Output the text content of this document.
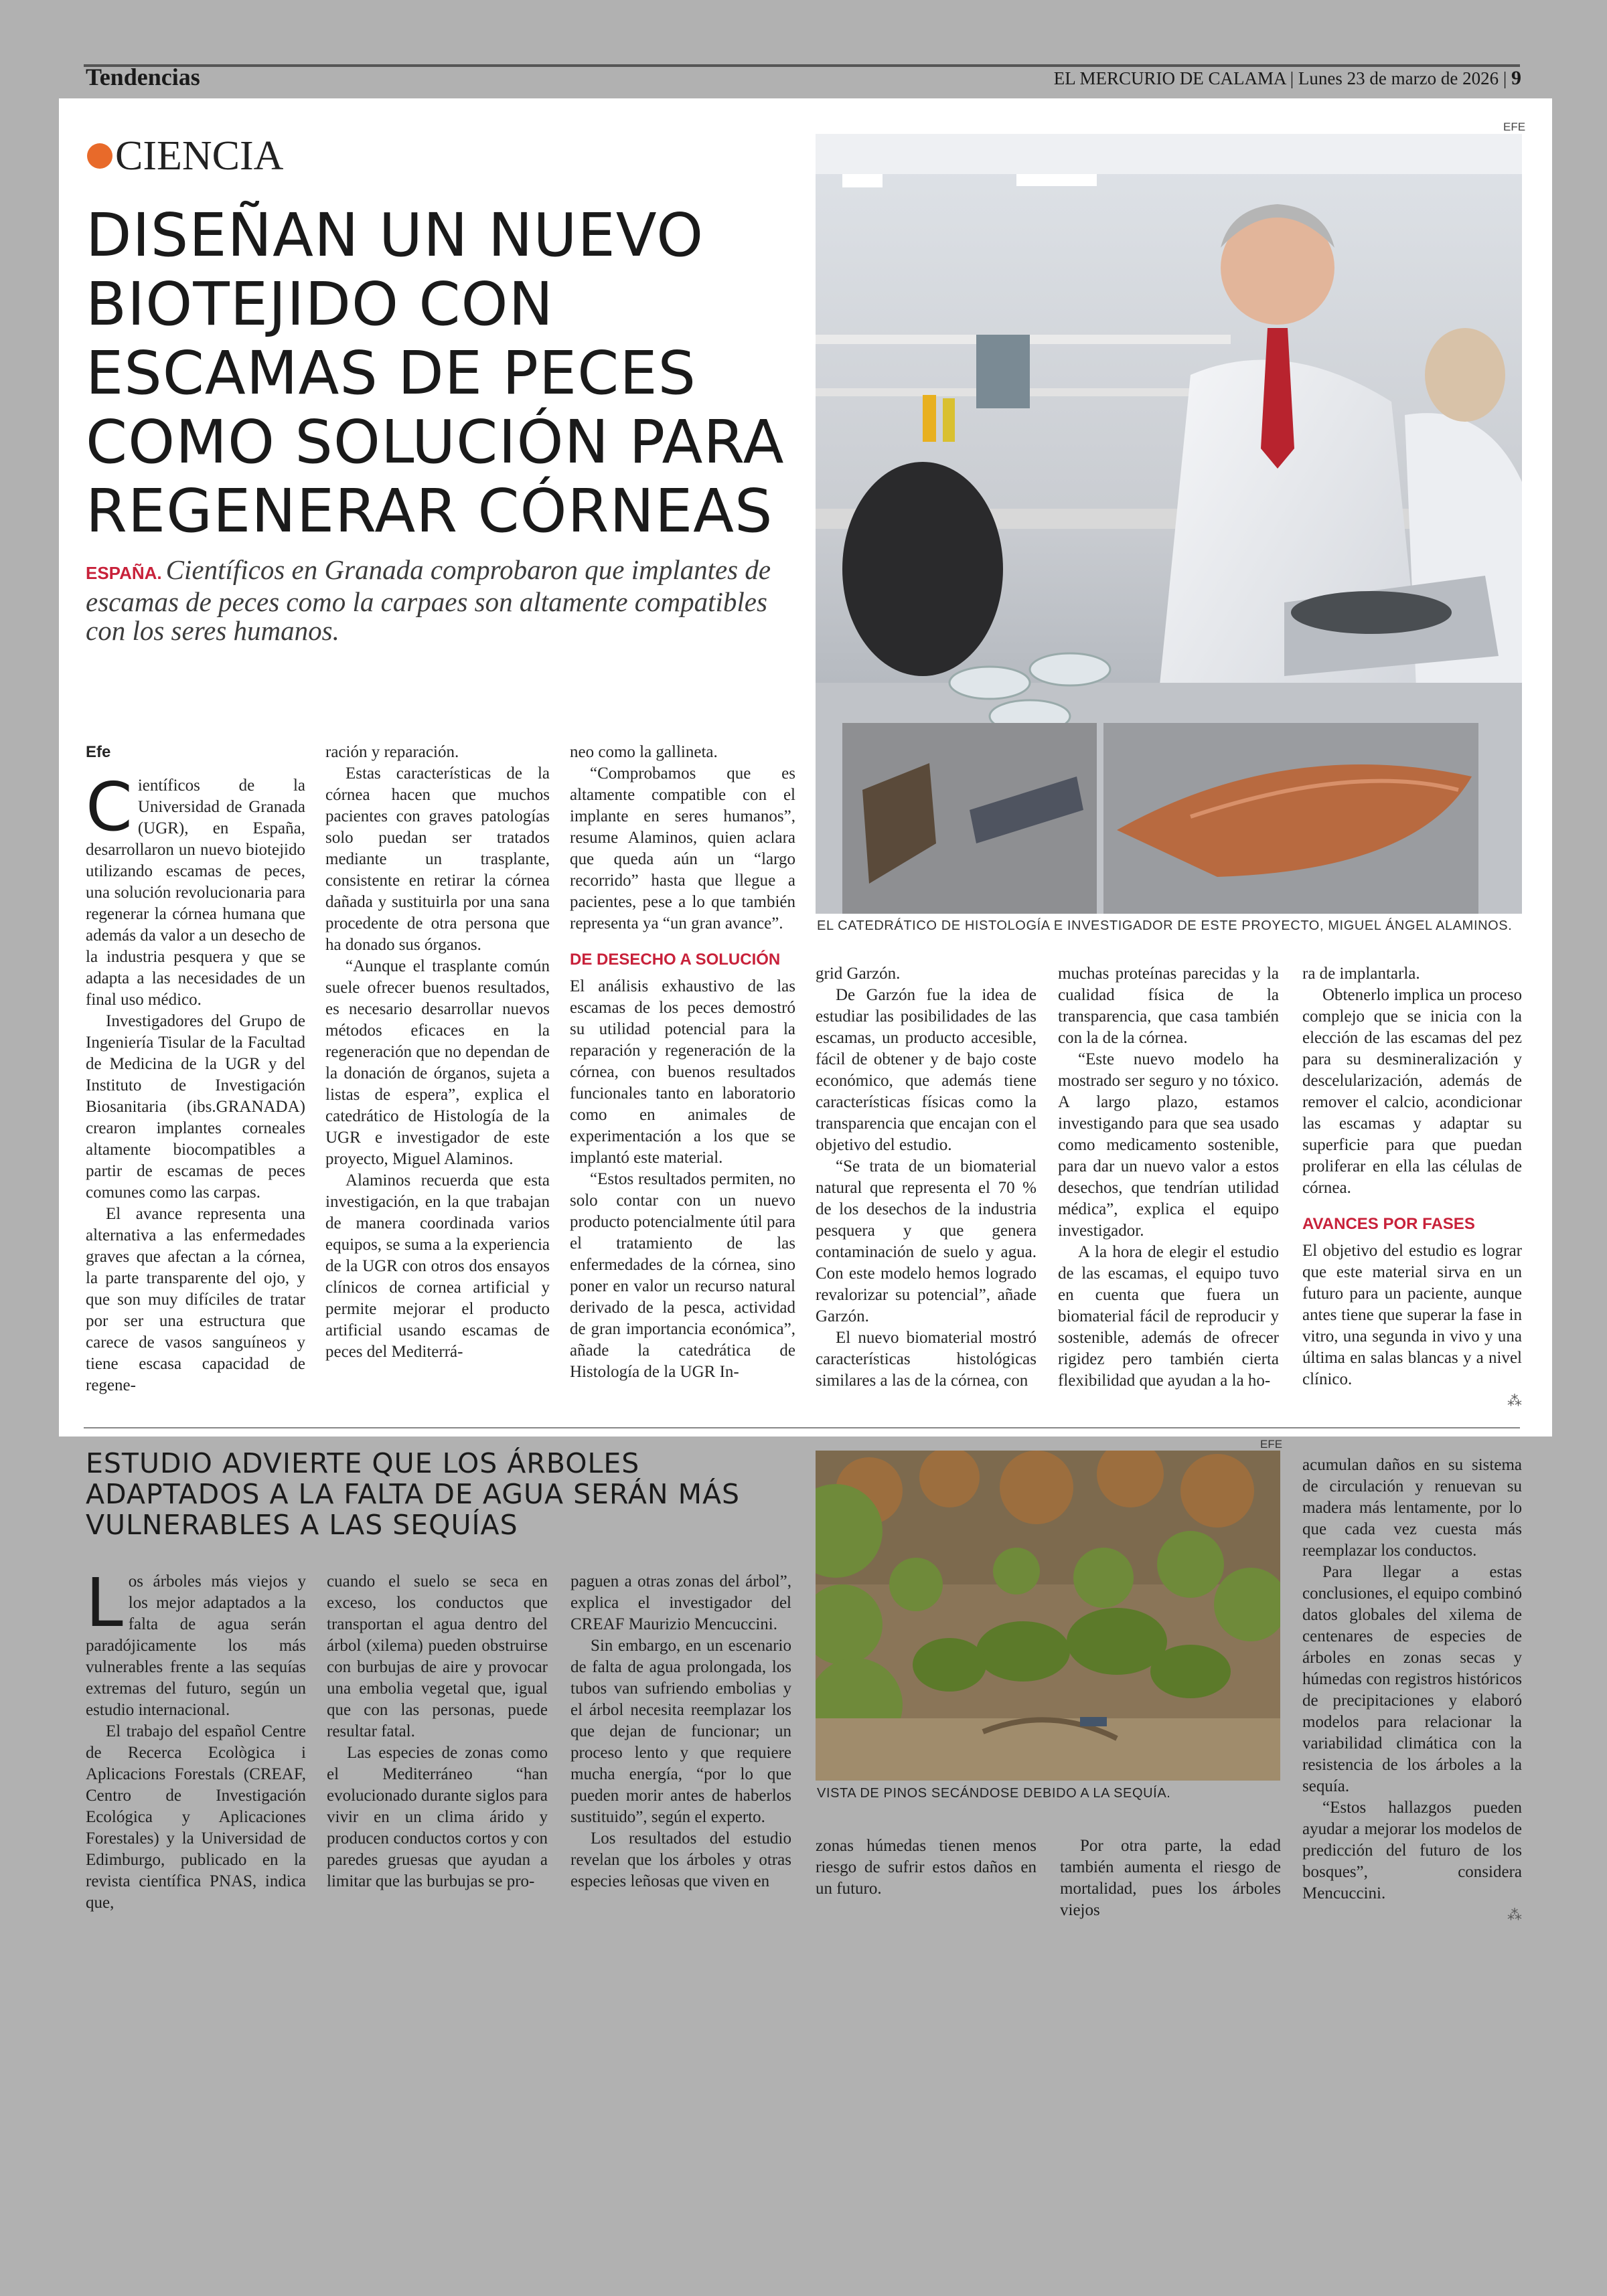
Tendencias	EL MERCURIO DE CALAMA | Lunes 23 de marzo de 2026 | 9
CIENCIA
DISEÑAN UN NUEVO BIOTEJIDO CON ESCAMAS DE PECES COMO SOLUCIÓN PARA REGENERAR CÓRNEAS
ESPAÑA. Científicos en Granada comprobaron que implantes de escamas de peces como la carpaes son altamente compatibles con los seres humanos.
EFE
EL CATEDRÁTICO DE HISTOLOGÍA E INVESTIGADOR DE ESTE PROYECTO, MIGUEL ÁNGEL ALAMINOS.
Efe
C ientíficos de la Universidad de Granada (UGR), en España, desarrollaron un nuevo biotejido utilizando escamas de peces, una solución revolucionaria para regenerar la córnea humana que además da valor a un desecho de la industria pesquera y que se adapta a las necesidades de un final uso médico.

Investigadores del Grupo de Ingeniería Tisular de la Facultad de Medicina de la UGR y del Instituto de Investigación Biosanitaria (ibs.GRANADA) crearon implantes corneales altamente biocompatibles a partir de escamas de peces comunes como las carpas.

El avance representa una alternativa a las enfermedades graves que afectan a la córnea, la parte transparente del ojo, y que son muy difíciles de tratar por ser una estructura que carece de vasos sanguíneos y tiene escasa capacidad de regene-

ración y reparación.

Estas características de la córnea hacen que muchos pacientes con graves patologías solo puedan ser tratados mediante un trasplante, consistente en retirar la córnea dañada y sustituirla por una sana procedente de otra persona que ha donado sus órganos.

“Aunque el trasplante común suele ofrecer buenos resultados, es necesario desarrollar nuevos métodos eficaces en la regeneración que no dependan de la donación de órganos, sujeta a listas de espera”, explica el catedrático de Histología de la UGR e investigador de este proyecto, Miguel Alaminos.

Alaminos recuerda que esta investigación, en la que trabajan de manera coordinada varios equipos, se suma a la experiencia de la UGR con otros dos ensayos clínicos de cornea artificial y permite mejorar el producto artificial usando escamas de peces del Mediterrá-

neo como la gallineta.

“Comprobamos que es altamente compatible con el implante en seres humanos”, resume Alaminos, quien aclara que queda aún un “largo recorrido” hasta que llegue a pacientes, pese a lo que también representa ya “un gran avance”.

DE DESECHO A SOLUCIÓN

El análisis exhaustivo de las escamas de los peces demostró su utilidad potencial para la reparación y regeneración de la córnea, con buenos resultados funcionales tanto en laboratorio como en animales de experimentación a los que se implantó este material.

“Estos resultados permiten, no solo contar con un nuevo producto potencialmente útil para el tratamiento de las enfermedades de la córnea, sino poner en valor un recurso natural derivado de la pesca, actividad de gran importancia económica”, añade la catedrática de Histología de la UGR In-

grid Garzón.

De Garzón fue la idea de estudiar las posibilidades de las escamas, un producto accesible, fácil de obtener y de bajo coste económico, que además tiene características físicas como la transparencia que encajan con el objetivo del estudio.

“Se trata de un biomaterial natural que representa el 70 % de los desechos de la industria pesquera y que genera contaminación de suelo y agua. Con este modelo hemos logrado revalorizar su potencial”, añade Garzón.

El nuevo biomaterial mostró características histológicas similares a las de la córnea, con

muchas proteínas parecidas y la cualidad física de la transparencia, que casa también con la de la córnea.

“Este nuevo modelo ha mostrado ser seguro y no tóxico. A largo plazo, estamos investigando para que sea usado como medicamento sostenible, para dar un nuevo valor a estos desechos, que tendrían utilidad médica”, explica el equipo investigador.

A la hora de elegir el estudio de las escamas, el equipo tuvo en cuenta que fuera un biomaterial fácil de reproducir y sostenible, además de ofrecer rigidez pero también cierta flexibilidad que ayudan a la ho-

ra de implantarla.

Obtenerlo implica un proceso complejo que se inicia con la elección de las escamas del pez para su desmineralización y descelularización, además de remover el calcio, acondicionar las escamas y adaptar su superficie para que puedan proliferar en ella las células de córnea.

AVANCES POR FASES

El objetivo del estudio es lograr que este material sirva en un futuro para un paciente, aunque antes tiene que superar la fase in vitro, una segunda in vivo y una última en salas blancas y a nivel clínico.

⁂
ESTUDIO ADVIERTE QUE LOS ÁRBOLES ADAPTADOS A LA FALTA DE AGUA SERÁN MÁS VULNERABLES A LAS SEQUÍAS
EFE
VISTA DE PINOS SECÁNDOSE DEBIDO A LA SEQUÍA.
L os árboles más viejos y los mejor adaptados a la falta de agua serán paradójicamente los más vulnerables frente a las sequías extremas del futuro, según un estudio internacional.

El trabajo del español Centre de Recerca Ecològica i Aplicacions Forestals (CREAF, Centro de Investigación Ecológica y Aplicaciones Forestales) y la Universidad de Edimburgo, publicado en la revista científica PNAS, indica que,

cuando el suelo se seca en exceso, los conductos que transportan el agua dentro del árbol (xilema) pueden obstruirse con burbujas de aire y provocar una embolia vegetal que, igual que con las personas, puede resultar fatal.

Las especies de zonas como el Mediterráneo “han evolucionado durante siglos para vivir en un clima árido y producen conductos cortos y con paredes gruesas que ayudan a limitar que las burbujas se pro-

paguen a otras zonas del árbol”, explica el investigador del CREAF Maurizio Mencuccini.

Sin embargo, en un escenario de falta de agua prolongada, los tubos van sufriendo embolias y el árbol necesita reemplazar los que dejan de funcionar; un proceso lento y que requiere mucha energía, “por lo que pueden morir antes de haberlos sustituido”, según el experto.

Los resultados del estudio revelan que los árboles y otras especies leñosas que viven en

zonas húmedas tienen menos riesgo de sufrir estos daños en un futuro.

Por otra parte, la edad también aumenta el riesgo de mortalidad, pues los árboles viejos

acumulan daños en su sistema de circulación y renuevan su madera más lentamente, por lo que cada vez cuesta más reemplazar los conductos.

Para llegar a estas conclusiones, el equipo combinó datos globales del xilema de centenares de especies de árboles en zonas secas y húmedas con registros históricos de precipitaciones y elaboró modelos para relacionar la variabilidad climática con la resistencia de los árboles a la sequía.

“Estos hallazgos pueden ayudar a mejorar los modelos de predicción del futuro de los bosques”, considera Mencuccini.

⁂
